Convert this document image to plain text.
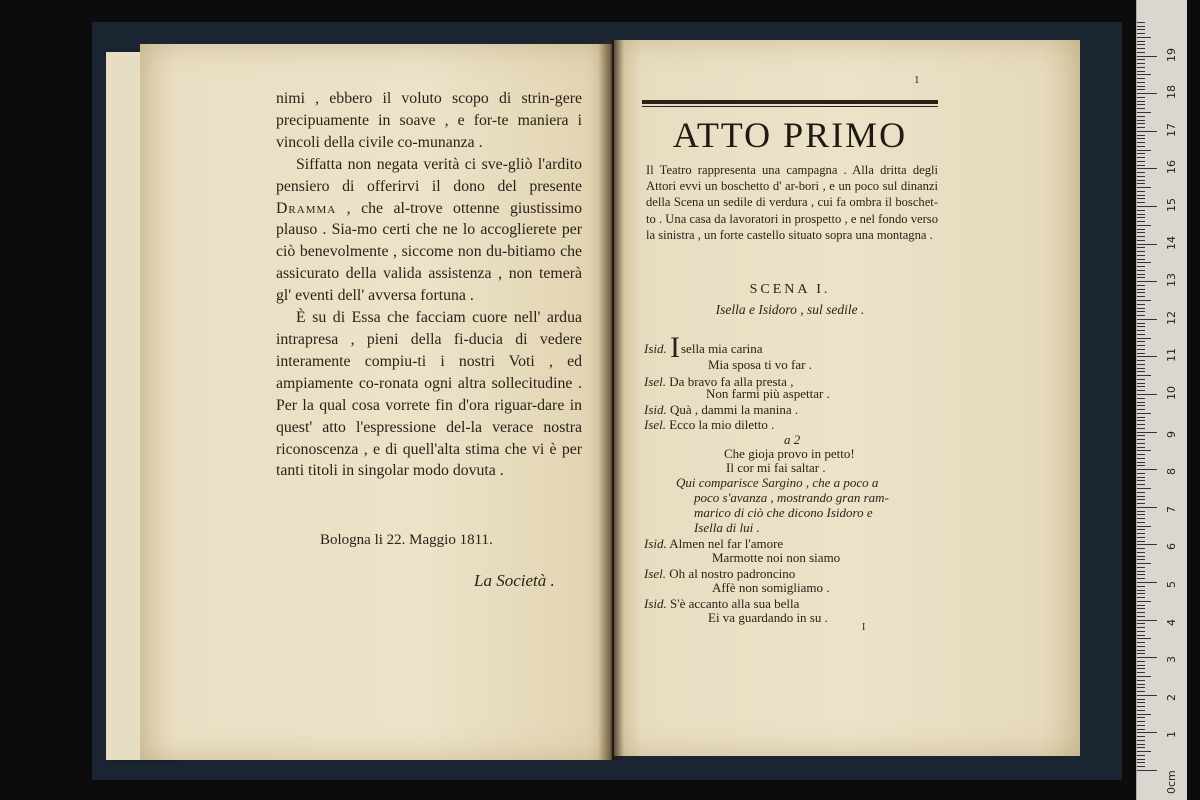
nimi , ebbero il voluto scopo di strin-gere precipuamente in soave , e for-te maniera i vincoli della civile co-munanza .

Siffatta non negata verità ci sve-gliò l'ardito pensiero di offerirvi il dono del presente Dramma , che al-trove ottenne giustissimo plauso . Sia-mo certi che ne lo accoglierete per ciò benevolmente , siccome non du-bitiamo che assicurato della valida assistenza , non temerà gl' eventi dell' avversa fortuna .

È su di Essa che facciam cuore nell' ardua intrapresa , pieni della fi-ducia di vedere interamente compiu-ti i nostri Voti , ed ampiamente co-ronata ogni altra sollecitudine . Per la qual cosa vorrete fin d'ora riguar-dare in quest' atto l'espressione del-la verace nostra riconoscenza , e di quell'alta stima che vi è per tanti titoli in singolar modo dovuta .

Bologna li 22. Maggio 1811.
La Società .
1
ATTO PRIMO
Il Teatro rappresenta una campagna . Alla dritta degli Attori evvi un boschetto d' ar-bori , e un poco sul dinanzi della Scena un sedile di verdura , cui fa ombra il boschet-to . Una casa da lavoratori in prospetto , e nel fondo verso la sinistra , un forte castello situato sopra una montagna .
SCENA I.
Isella e Isidoro , sul sedile .
Isid. Isella mia carina
Mia sposa ti vo far .
Isel. Da bravo fa alla presta ,
Non farmi più aspettar .
Isid. Quà , dammi la manina .
Isel. Ecco la mio diletto .
a 2
Che gioja provo in petto!
Il cor mi fai saltar .
Qui comparisce Sargino , che a poco a
poco s'avanza , mostrando gran ram-
marico di ciò che dicono Isidoro e
Isella di lui .
Isid. Almen nel far l'amore
Marmotte noi non siamo
Isel. Oh al nostro padroncino
Affè non somigliamo .
Isid. S'è accanto alla sua bella
Ei va guardando in su .
I
0cm
1
2
3
4
5
6
7
8
9
10
11
12
13
14
15
16
17
18
19
